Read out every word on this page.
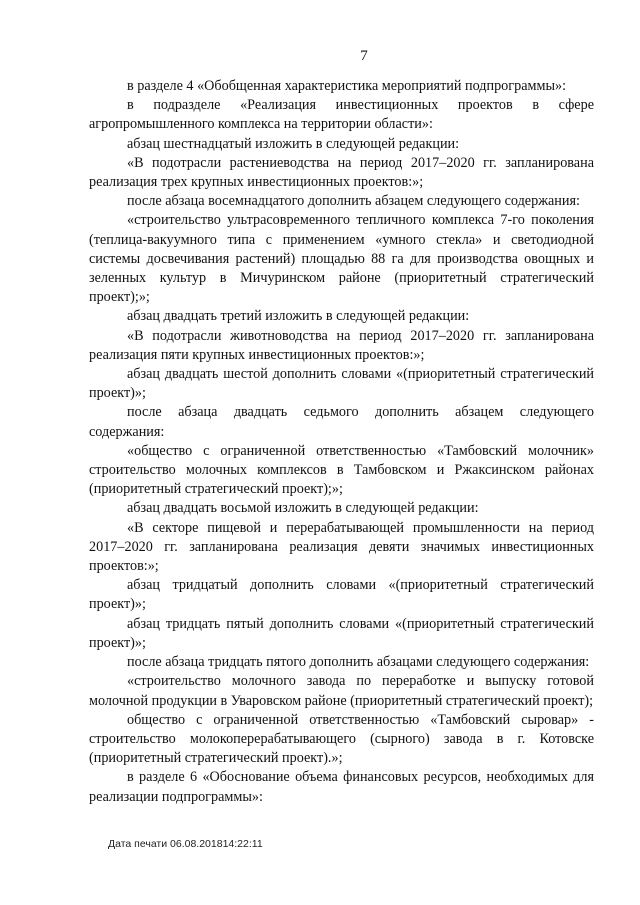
7

в разделе 4 «Обобщенная характеристика мероприятий подпрограммы»:

в подразделе «Реализация инвестиционных проектов в сфере агропромышленного комплекса на территории области»:

абзац шестнадцатый изложить в следующей редакции:

«В подотрасли растениеводства на период 2017–2020 гг. запланирована реализация трех крупных инвестиционных проектов:»;

после абзаца восемнадцатого дополнить абзацем следующего содержания:

«строительство ультрасовременного тепличного комплекса 7-го поколения (теплица-вакуумного типа с применением «умного стекла» и светодиодной системы досвечивания растений) площадью 88 га для производства овощных и зеленных культур в Мичуринском районе (приоритетный стратегический проект);»;

абзац двадцать третий изложить в следующей редакции:

«В подотрасли животноводства на период 2017–2020 гг. запланирована реализация пяти крупных инвестиционных проектов:»;

абзац двадцать шестой дополнить словами «(приоритетный стратегический проект)»;

после абзаца двадцать седьмого дополнить абзацем следующего содержания:

«общество с ограниченной ответственностью «Тамбовский молочник» строительство молочных комплексов в Тамбовском и Ржаксинском районах (приоритетный стратегический проект);»;

абзац двадцать восьмой изложить в следующей редакции:

«В секторе пищевой и перерабатывающей промышленности на период 2017–2020 гг. запланирована реализация девяти значимых инвестиционных проектов:»;

абзац тридцатый дополнить словами «(приоритетный стратегический проект)»;

абзац тридцать пятый дополнить словами «(приоритетный стратегический проект)»;

после абзаца тридцать пятого дополнить абзацами следующего содержания:

«строительство молочного завода по переработке и выпуску готовой молочной продукции в Уваровском районе (приоритетный стратегический проект);

общество с ограниченной ответственностью «Тамбовский сыровар» - строительство молокоперерабатывающего (сырного) завода в г. Котовске (приоритетный стратегический проект).»;

в разделе 6 «Обоснование объема финансовых ресурсов, необходимых для реализации подпрограммы»:

Дата печати 06.08.201814:22:11
